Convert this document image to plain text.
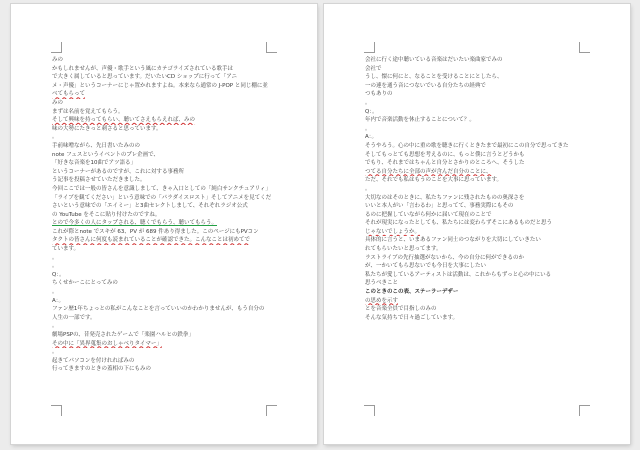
みの
かもしれませんが、声優・歌手という風にカテゴライズされている歌手は
で大きく属していると思っています。だいたいCD ショップに行って「アニ
メ・声優」というコーナーにじゃ置かれますよね。本来なら通常の J-POP と同じ棚に並
べてもらって
みの
まずは名前を覚えてもらう。
そして興味を持ってもらい、聴いてさえもらえれば、みの
味の大勢にたきっと刺さると思っています。
。
手前味噌ながら、先日書いたみのの
note フェスというイベントのプレ企画で、
「好きな音楽を10曲でアツ語る」
というコーナーがあるのですが、これに対する事務所
う記事を投稿させていただきました。
今回ここでは一般の皆さんを意識しまして、きゃ入口としての「純白サンクチュアリィ」
「ライブを観てください」という意味での「パラダイスロスト」そしてアニメを見てくだ
さいという意味での「エイミー」と3曲セレクトしまして、それぞれラジオ公式
の YouTube をそこに貼り付けたのですね。
とので今多くの人にタップされる、聴くでもらう、聴いてもらう。
これが際とnote でスキが 63、PV が 689 件あり得ました。このページにもPVコン
タクトの皆さんに何度も読まれていることが確認できた。こんなことは初めてで
ています。
。
。
Q：。
ちくせかーこにとってみの
。
A：。
ファン歴1年ちょっとの私がこんなことを言っていいのかわかりませんが、もう自分の
人生の一部です。
。
劇場PSPの、昔発売されたゲームで「楽園ハルヒの鉄拳」
その中に「異界蒐集のおしゃべりタイマー」
。
起きてパソコンを付けれればみの
行ってきますのときの蓋相の下にもみの
会社に行く途中聴いている音楽はだいたい楽曲家でみの
会社で
うし、懐に何にと、なることを受けることにとしたら、
一の連を通う音につないでいる自分たちの経典で
つもありの
。
Q：。
年内で音楽活動を休止することについて？。
。
A：。
そうやろう。心の中に重の歌を聴きに行くときたまで最初にこの自分で思ってきた
そしてもっとても思想を考えるのに、もっと僕に言うとどうかも
でもり、それまではちゃんと自分とさかりのところへ、そうした
つてる自分たちに全部の声が含んだ自分のことに、
ただ、それでも私はもうのことを大事に思っています。
。
大切なのはそのときに、私たちファンに残されたものの奥深さを
いいと本人がい「言わるわ」と思ってて、事務実際にもその
るのに把握していながら何かに届いて現在のことで
それが現実になったとしても、私たちには変わらずそこにあるものだと思う
じゃないでしょうか。
具体的に言うと、いまあるファン同士のつながりを大切にしていきたい
れてもらいたいと思ってます。
ラストライブの先行抽選がないから、今の自分に何ができるのか
が、一かいてもら思ないでも今日を大事にしたい
私たちが愛しているアーティストは活動は、これからもずっと心の中にいる
思うべきこと
このときのこの表、ステーラーデザー
の思めを示す
とを音楽全員で目指しのみの
そんな気持ちで日々過ごしています。
